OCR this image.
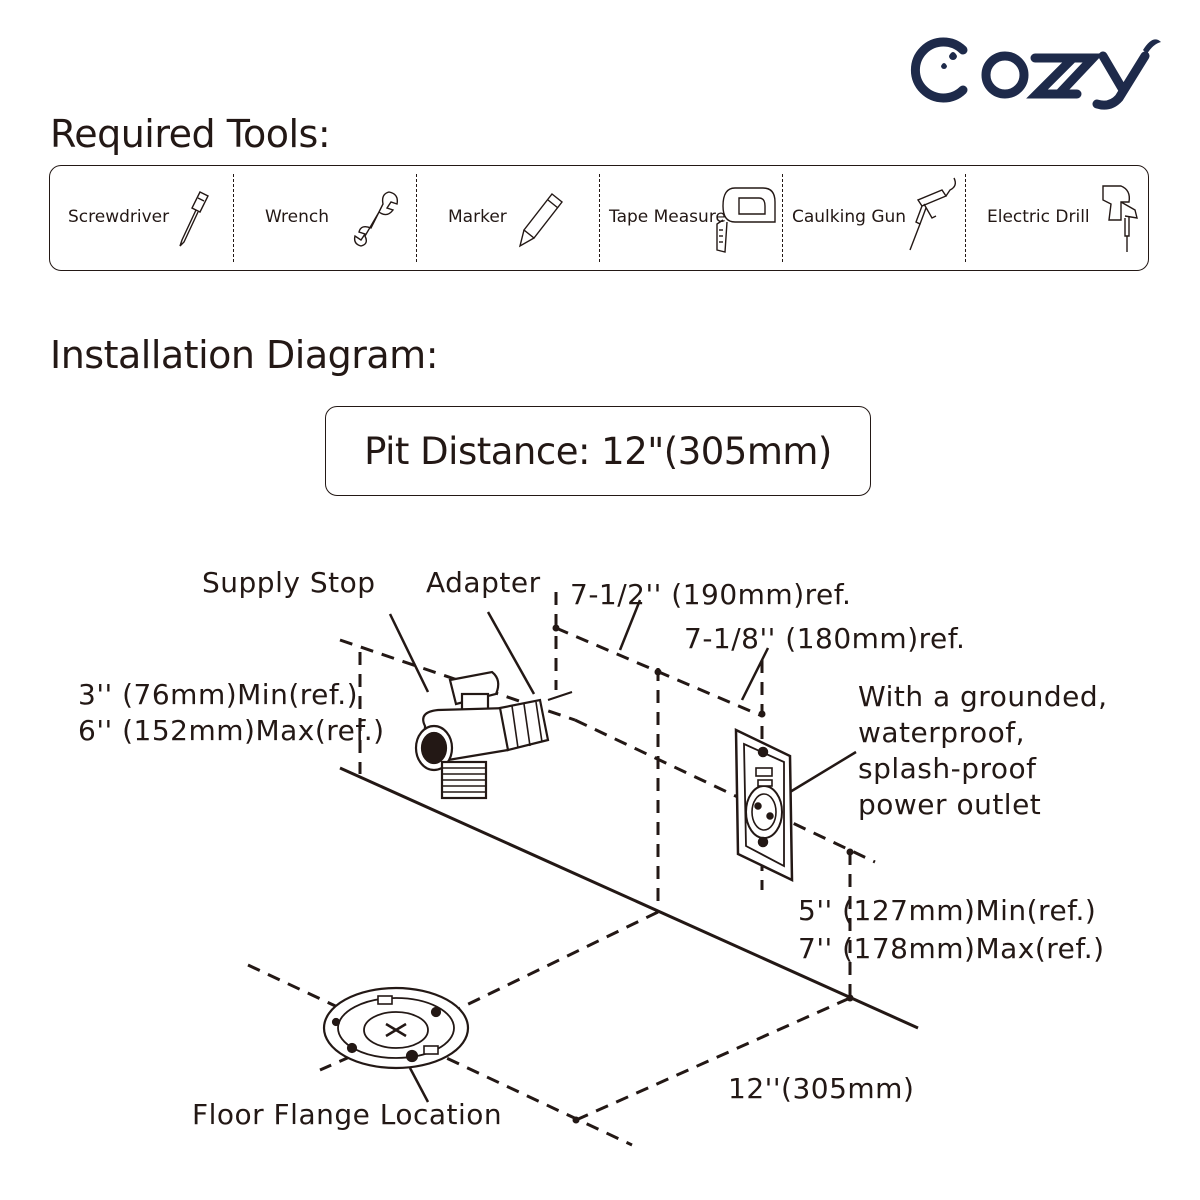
Required Tools:
Screwdriver	Wrench	Marker	Tape Measure	Caulking Gun	Electric Drill
Installation Diagram:
Pit Distance: 12"(305mm)
Supply Stop Adapter 7-1/2'' (190mm)ref.
7-1/8'' (180mm)ref.
3'' (76mm)Min(ref.)
6'' (152mm)Max(ref.)
With a grounded,
waterproof,
splash-proof
power outlet
5'' (127mm)Min(ref.)
7'' (178mm)Max(ref.)
12''(305mm)
Floor Flange Location
